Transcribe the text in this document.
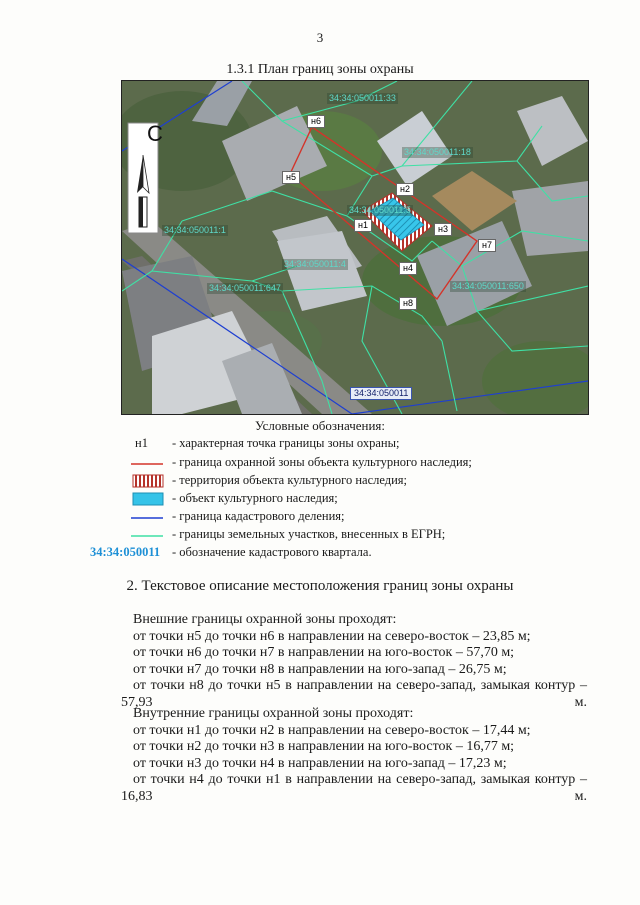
3
1.3.1 План границ зоны охраны
С
34:34:050011:33
34:34:050011:18
34:34:050011:5
34:34:050011:4
34:34:050011:647	34:34:050011:650
34:34:050011:1
34:34:050011
н1
н2
н3
н4
н5
н6
н7
н8
Условные обозначения:
н1 - характерная точка границы зоны охраны;
- граница охранной зоны объекта культурного наследия;
- территория объекта культурного наследия;
- объект культурного наследия;
- граница кадастрового деления;
- границы земельных участков, внесенных в ЕГРН;
34:34:050011 - обозначение кадастрового квартала.
2. Текстовое описание местоположения границ зоны охраны
Внешние границы охранной зоны проходят:
от точки н5 до точки н6 в направлении на северо-восток – 23,85 м;
от точки н6 до точки н7 в направлении на юго-восток – 57,70 м;
от точки н7 до точки н8 в направлении на юго-запад – 26,75 м;
от точки н8 до точки н5 в направлении на северо-запад, замыкая контур – 57,93 м.
Внутренние границы охранной зоны проходят:
от точки н1 до точки н2 в направлении на северо-восток – 17,44 м;
от точки н2 до точки н3 в направлении на юго-восток – 16,77 м;
от точки н3 до точки н4 в направлении на юго-запад – 17,23 м;
от точки н4 до точки н1 в направлении на северо-запад, замыкая контур – 16,83 м.
